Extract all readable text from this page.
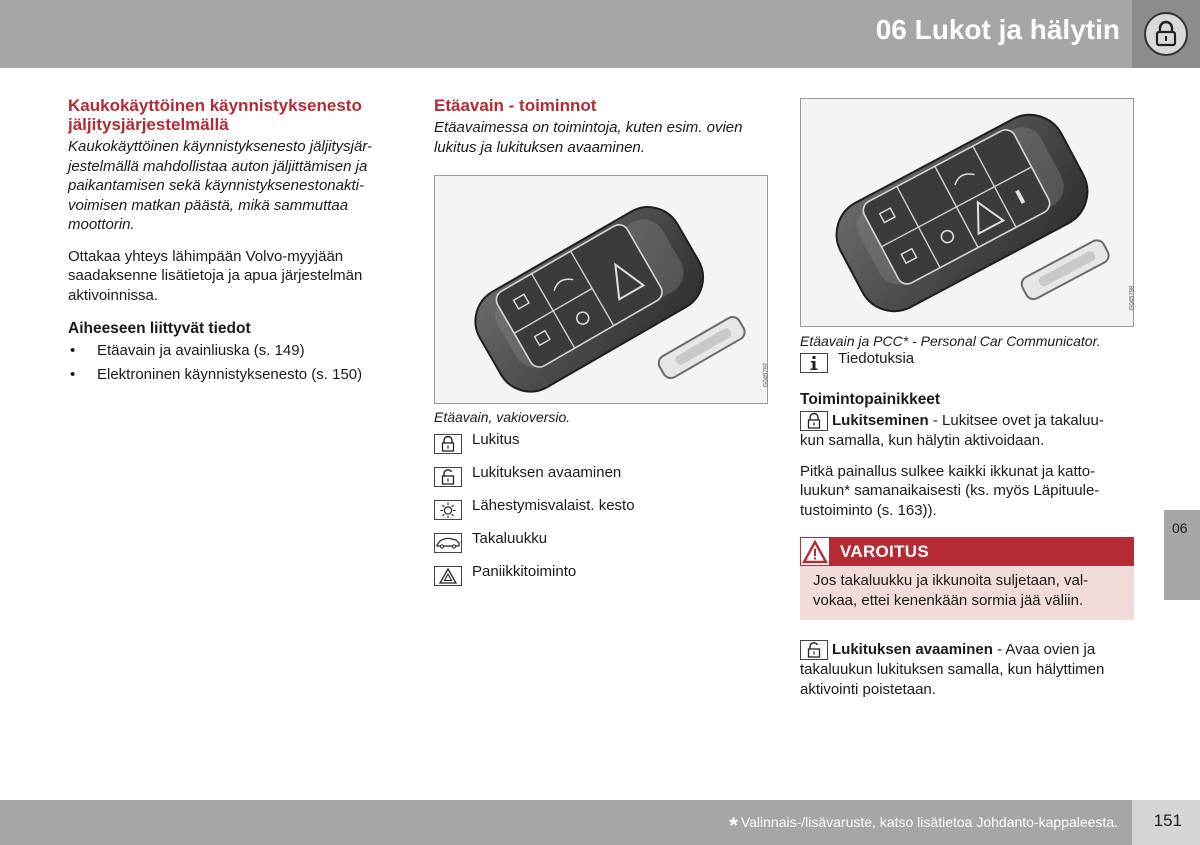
06 Lukot ja hälytin
Kaukokäyttöinen käynnistyksenesto jäljitysjärjestelmällä
Kaukokäyttöinen käynnistyksenesto jäljitysjär-
jestelmällä mahdollistaa auton jäljittämisen ja
paikantamisen sekä käynnistyksenestonakti-
voimisen matkan päästä, mikä sammuttaa
moottorin.
Ottakaa yhteys lähimpään Volvo-myyjään
saadaksenne lisätietoja ja apua järjestelmän
aktivoinnissa.
Aiheeseen liittyvät tiedot
• Etäavain ja avainliuska (s. 149)
• Elektroninen käynnistyksenesto (s. 150)
Etäavain - toiminnot
Etäavaimessa on toimintoja, kuten esim. ovien
lukitus ja lukituksen avaaminen.
G045797
Etäavain, vakioversio.
Lukitus
Lukituksen avaaminen
Lähestymisvalaist. kesto
Takaluukku
Paniikkitoiminto
G045798
Etäavain ja PCC* - Personal Car Communicator.
Tiedotuksia
Toimintopainikkeet
Lukitseminen - Lukitsee ovet ja takaluu-
kun samalla, kun hälytin aktivoidaan.
Pitkä painallus sulkee kaikki ikkunat ja katto-
luukun* samanaikaisesti (ks. myös Läpituule-
tustoiminto (s. 163)).
VAROITUS
Jos takaluukku ja ikkunoita suljetaan, val-
vokaa, ettei kenenkään sormia jää väliin.
Lukituksen avaaminen - Avaa ovien ja
takaluukun lukituksen samalla, kun hälyttimen
aktivointi poistetaan.
06
* Valinnais-/lisävaruste, katso lisätietoa Johdanto-kappaleesta. 151
